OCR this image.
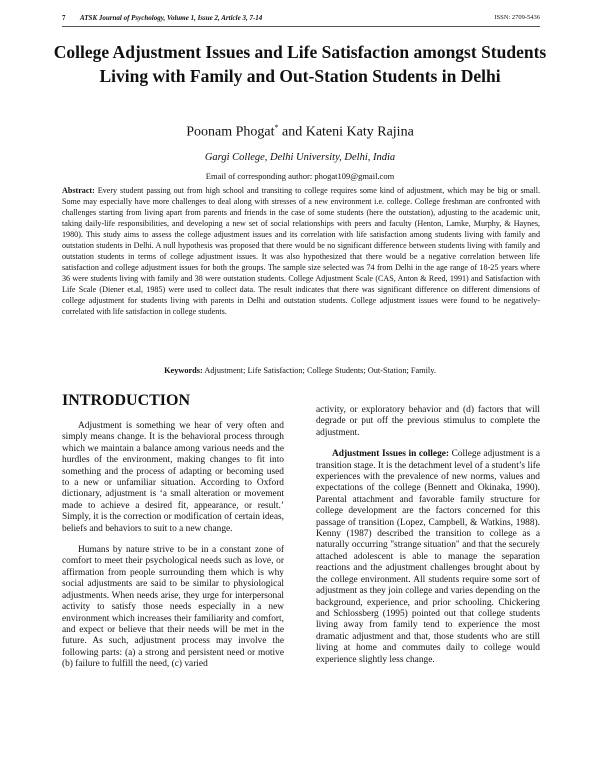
7 ATSK Journal of Psychology, Volume 1, Issue 2, Article 3, 7-14	ISSN: 2709-5436
College Adjustment Issues and Life Satisfaction amongst Students Living with Family and Out-Station Students in Delhi
Poonam Phogat* and Kateni Katy Rajina
Gargi College, Delhi University, Delhi, India
Email of corresponding author: phogat109@gmail.com

Abstract: Every student passing out from high school and transiting to college requires some kind of adjustment, which may be big or small. Some may especially have more challenges to deal along with stresses of a new environment i.e. college. College freshman are confronted with challenges starting from living apart from parents and friends in the case of some students (here the outstation), adjusting to the academic unit, taking daily-life responsibilities, and developing a new set of social relationships with peers and faculty (Henton, Lamke, Murphy, & Haynes, 1980). This study aims to assess the college adjustment issues and its correlation with life satisfaction among students living with family and outstation students in Delhi. A null hypothesis was proposed that there would be no significant difference between students living with family and outstation students in terms of college adjustment issues. It was also hypothesized that there would be a negative correlation between life satisfaction and college adjustment issues for both the groups. The sample size selected was 74 from Delhi in the age range of 18-25 years where 36 were students living with family and 38 were outstation students. College Adjustment Scale (CAS, Anton & Reed, 1991) and Satisfaction with Life Scale (Diener et.al, 1985) were used to collect data. The result indicates that there was significant difference on different dimensions of college adjustment for students living with parents in Delhi and outstation students. College adjustment issues were found to be negatively-correlated with life satisfaction in college students.

Keywords: Adjustment; Life Satisfaction; College Students; Out-Station; Family.
INTRODUCTION

Adjustment is something we hear of very often and simply means change. It is the behavioral process through which we maintain a balance among various needs and the hurdles of the environment, making changes to fit into something and the process of adapting or becoming used to a new or unfamiliar situation. According to Oxford dictionary, adjustment is ‘a small alteration or movement made to achieve a desired fit, appearance, or result.’ Simply, it is the correction or modification of certain ideas, beliefs and behaviors to suit to a new change.

Humans by nature strive to be in a constant zone of comfort to meet their psychological needs such as love, or affirmation from people surrounding them which is why social adjustments are said to be similar to physiological adjustments. When needs arise, they urge for interpersonal activity to satisfy those needs especially in a new environment which increases their familiarity and comfort, and expect or believe that their needs will be met in the future. As such, adjustment process may involve the following parts: (a) a strong and persistent need or motive (b) failure to fulfill the need, (c) varied

activity, or exploratory behavior and (d) factors that will degrade or put off the previous stimulus to complete the adjustment.

Adjustment Issues in college: College adjustment is a transition stage. It is the detachment level of a student’s life experiences with the prevalence of new norms, values and expectations of the college (Bennett and Okinaka, 1990). Parental attachment and favorable family structure for college development are the factors concerned for this passage of transition (Lopez, Campbell, & Watkins, 1988). Kenny (1987) described the transition to college as a naturally occurring "strange situation" and that the securely attached adolescent is able to manage the separation reactions and the adjustment challenges brought about by the college environment. All students require some sort of adjustment as they join college and varies depending on the background, experience, and prior schooling. Chickering and Schlossberg (1995) pointed out that college students living away from family tend to experience the most dramatic adjustment and that, those students who are still living at home and commutes daily to college would experience slightly less change.
